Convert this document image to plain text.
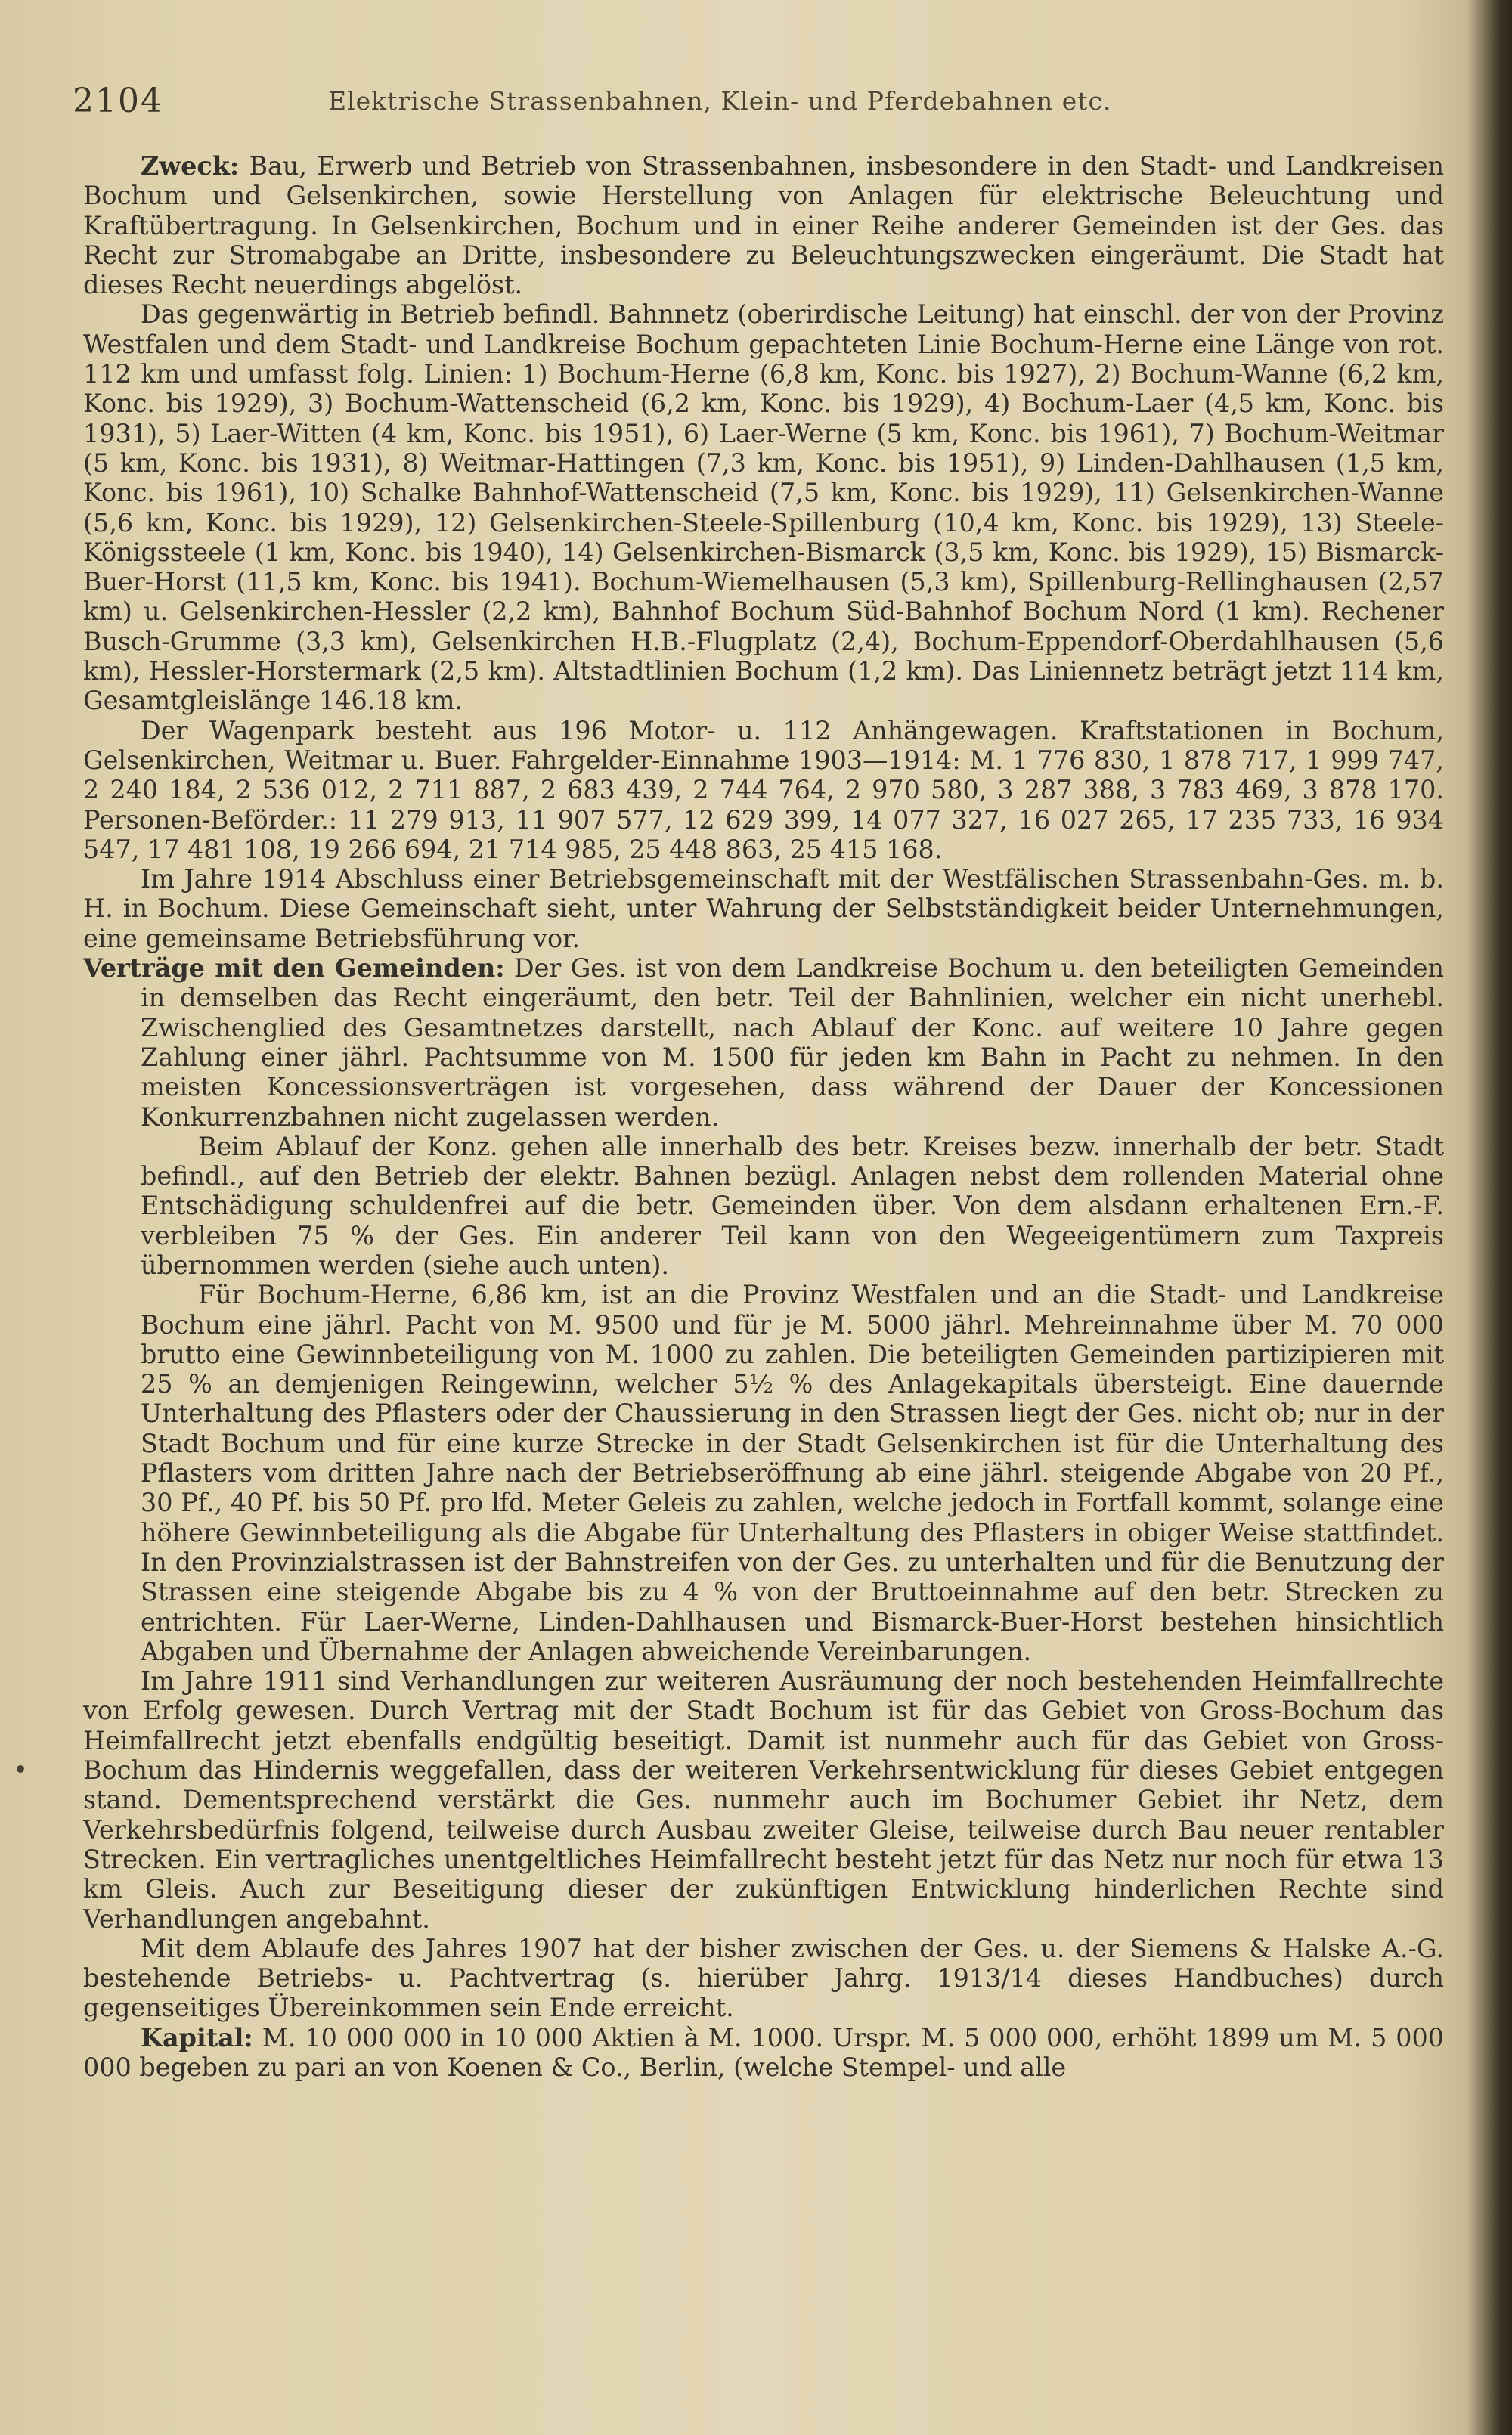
2104	Elektrische Strassenbahnen, Klein- und Pferdebahnen etc.

Zweck: Bau, Erwerb und Betrieb von Strassenbahnen, insbesondere in den Stadt- und Landkreisen Bochum und Gelsenkirchen, sowie Herstellung von Anlagen für elektrische Beleuchtung und Kraftübertragung. In Gelsenkirchen, Bochum und in einer Reihe anderer Gemeinden ist der Ges. das Recht zur Stromabgabe an Dritte, insbesondere zu Beleuchtungszwecken eingeräumt. Die Stadt hat dieses Recht neuerdings abgelöst.

Das gegenwärtig in Betrieb befindl. Bahnnetz (oberirdische Leitung) hat einschl. der von der Provinz Westfalen und dem Stadt- und Landkreise Bochum gepachteten Linie Bochum-Herne eine Länge von rot. 112 km und umfasst folg. Linien: 1) Bochum-Herne (6,8 km, Konc. bis 1927), 2) Bochum-Wanne (6,2 km, Konc. bis 1929), 3) Bochum-Wattenscheid (6,2 km, Konc. bis 1929), 4) Bochum-Laer (4,5 km, Konc. bis 1931), 5) Laer-Witten (4 km, Konc. bis 1951), 6) Laer-Werne (5 km, Konc. bis 1961), 7) Bochum-Weitmar (5 km, Konc. bis 1931), 8) Weitmar-Hattingen (7,3 km, Konc. bis 1951), 9) Linden-Dahlhausen (1,5 km, Konc. bis 1961), 10) Schalke Bahnhof-Wattenscheid (7,5 km, Konc. bis 1929), 11) Gelsenkirchen-Wanne (5,6 km, Konc. bis 1929), 12) Gelsenkirchen-Steele-Spillenburg (10,4 km, Konc. bis 1929), 13) Steele-Königssteele (1 km, Konc. bis 1940), 14) Gelsenkirchen-Bismarck (3,5 km, Konc. bis 1929), 15) Bismarck-Buer-Horst (11,5 km, Konc. bis 1941). Bochum-Wiemelhausen (5,3 km), Spillenburg-Rellinghausen (2,57 km) u. Gelsenkirchen-Hessler (2,2 km), Bahnhof Bochum Süd-Bahnhof Bochum Nord (1 km). Rechener Busch-Grumme (3,3 km), Gelsenkirchen H.B.-Flugplatz (2,4), Bochum-Eppendorf-Oberdahlhausen (5,6 km), Hessler-Horstermark (2,5 km). Altstadtlinien Bochum (1,2 km). Das Liniennetz beträgt jetzt 114 km, Gesamtgleislänge 146.18 km.

Der Wagenpark besteht aus 196 Motor- u. 112 Anhängewagen. Kraftstationen in Bochum, Gelsenkirchen, Weitmar u. Buer. Fahrgelder-Einnahme 1903—1914: M. 1 776 830, 1 878 717, 1 999 747, 2 240 184, 2 536 012, 2 711 887, 2 683 439, 2 744 764, 2 970 580, 3 287 388, 3 783 469, 3 878 170. Personen-Beförder.: 11 279 913, 11 907 577, 12 629 399, 14 077 327, 16 027 265, 17 235 733, 16 934 547, 17 481 108, 19 266 694, 21 714 985, 25 448 863, 25 415 168.

Im Jahre 1914 Abschluss einer Betriebsgemeinschaft mit der Westfälischen Strassenbahn-Ges. m. b. H. in Bochum. Diese Gemeinschaft sieht, unter Wahrung der Selbstständigkeit beider Unternehmungen, eine gemeinsame Betriebsführung vor.

Verträge mit den Gemeinden: Der Ges. ist von dem Landkreise Bochum u. den beteiligten Gemeinden in demselben das Recht eingeräumt, den betr. Teil der Bahnlinien, welcher ein nicht unerhebl. Zwischenglied des Gesamtnetzes darstellt, nach Ablauf der Konc. auf weitere 10 Jahre gegen Zahlung einer jährl. Pachtsumme von M. 1500 für jeden km Bahn in Pacht zu nehmen. In den meisten Koncessionsverträgen ist vorgesehen, dass während der Dauer der Koncessionen Konkurrenzbahnen nicht zugelassen werden.

Beim Ablauf der Konz. gehen alle innerhalb des betr. Kreises bezw. innerhalb der betr. Stadt befindl., auf den Betrieb der elektr. Bahnen bezügl. Anlagen nebst dem rollenden Material ohne Entschädigung schuldenfrei auf die betr. Gemeinden über. Von dem alsdann erhaltenen Ern.-F. verbleiben 75 % der Ges. Ein anderer Teil kann von den Wegeeigentümern zum Taxpreis übernommen werden (siehe auch unten).

Für Bochum-Herne, 6,86 km, ist an die Provinz Westfalen und an die Stadt- und Landkreise Bochum eine jährl. Pacht von M. 9500 und für je M. 5000 jährl. Mehreinnahme über M. 70 000 brutto eine Gewinnbeteiligung von M. 1000 zu zahlen. Die beteiligten Gemeinden partizipieren mit 25 % an demjenigen Reingewinn, welcher 5½ % des Anlagekapitals übersteigt. Eine dauernde Unterhaltung des Pflasters oder der Chaussierung in den Strassen liegt der Ges. nicht ob; nur in der Stadt Bochum und für eine kurze Strecke in der Stadt Gelsenkirchen ist für die Unterhaltung des Pflasters vom dritten Jahre nach der Betriebseröffnung ab eine jährl. steigende Abgabe von 20 Pf., 30 Pf., 40 Pf. bis 50 Pf. pro lfd. Meter Geleis zu zahlen, welche jedoch in Fortfall kommt, solange eine höhere Gewinnbeteiligung als die Abgabe für Unterhaltung des Pflasters in obiger Weise stattfindet. In den Provinzialstrassen ist der Bahnstreifen von der Ges. zu unterhalten und für die Benutzung der Strassen eine steigende Abgabe bis zu 4 % von der Bruttoeinnahme auf den betr. Strecken zu entrichten. Für Laer-Werne, Linden-Dahlhausen und Bismarck-Buer-Horst bestehen hinsichtlich Abgaben und Übernahme der Anlagen abweichende Vereinbarungen.

Im Jahre 1911 sind Verhandlungen zur weiteren Ausräumung der noch bestehenden Heimfallrechte von Erfolg gewesen. Durch Vertrag mit der Stadt Bochum ist für das Gebiet von Gross-Bochum das Heimfallrecht jetzt ebenfalls endgültig beseitigt. Damit ist nunmehr auch für das Gebiet von Gross-Bochum das Hindernis weggefallen, dass der weiteren Verkehrsentwicklung für dieses Gebiet entgegen stand. Dementsprechend verstärkt die Ges. nunmehr auch im Bochumer Gebiet ihr Netz, dem Verkehrsbedürfnis folgend, teilweise durch Ausbau zweiter Gleise, teilweise durch Bau neuer rentabler Strecken. Ein vertragliches unentgeltliches Heimfallrecht besteht jetzt für das Netz nur noch für etwa 13 km Gleis. Auch zur Beseitigung dieser der zukünftigen Entwicklung hinderlichen Rechte sind Verhandlungen angebahnt.

Mit dem Ablaufe des Jahres 1907 hat der bisher zwischen der Ges. u. der Siemens & Halske A.-G. bestehende Betriebs- u. Pachtvertrag (s. hierüber Jahrg. 1913/14 dieses Handbuches) durch gegenseitiges Übereinkommen sein Ende erreicht.

Kapital: M. 10 000 000 in 10 000 Aktien à M. 1000. Urspr. M. 5 000 000, erhöht 1899 um M. 5 000 000 begeben zu pari an von Koenen & Co., Berlin, (welche Stempel- und alle
